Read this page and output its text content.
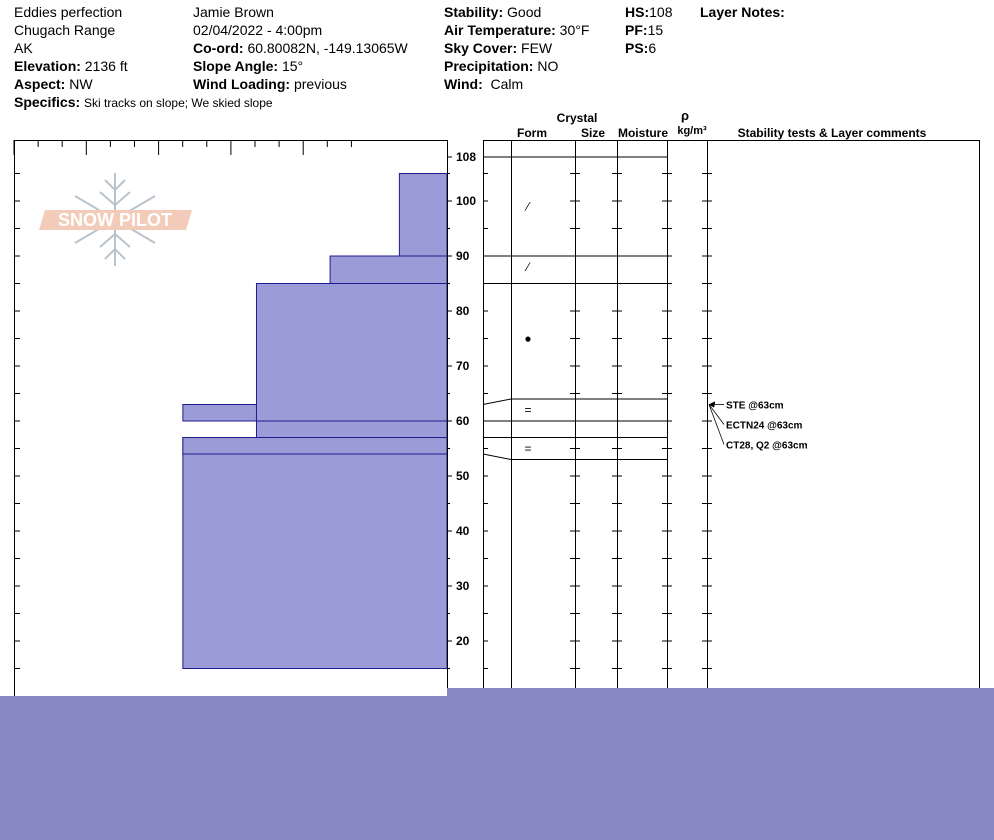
Eddies perfection
Chugach Range
AK
Elevation: 2136 ft
Aspect: NW
Specifics: Ski tracks on slope; We skied slope
Jamie Brown
02/04/2022 - 4:00pm
Co-ord: 60.80082N, -149.13065W
Slope Angle: 15°
Wind Loading: previous
Stability: Good
Air Temperature: 30°F
Sky Cover: FEW
Precipitation: NO
Wind: Calm
HS:108
PF:15
PS:6
Layer Notes:
SNOW PILOT
20
30
40
50
60
70
80
90
100
108
Crystal
Form	Size Moisture
ρ
kg/m³	Stability tests & Layer comments
⁄
⁄
●
=
=
STE @63cm
ECTN24 @63cm
CT28, Q2 @63cm
